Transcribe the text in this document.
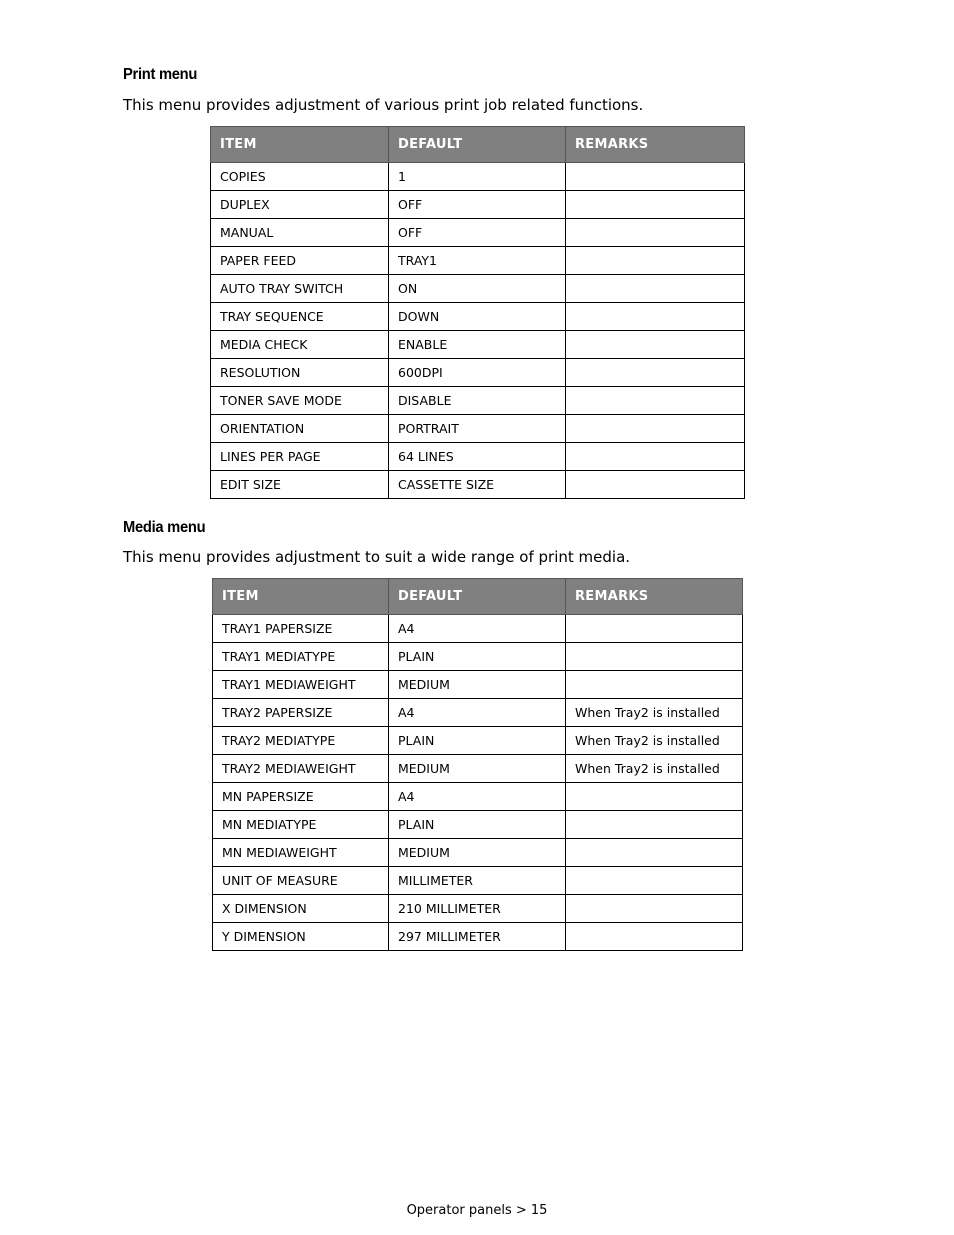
Print menu

This menu provides adjustment of various print job related functions.

ITEM	DEFAULT	REMARKS
COPIES	1	
DUPLEX	OFF	
MANUAL	OFF	
PAPER FEED	TRAY1	
AUTO TRAY SWITCH	ON	
TRAY SEQUENCE	DOWN	
MEDIA CHECK	ENABLE	
RESOLUTION	600DPI	
TONER SAVE MODE	DISABLE	
ORIENTATION	PORTRAIT	
LINES PER PAGE	64 LINES	
EDIT SIZE	CASSETTE SIZE	
Media menu

This menu provides adjustment to suit a wide range of print media.

ITEM	DEFAULT	REMARKS
TRAY1 PAPERSIZE	A4	
TRAY1 MEDIATYPE	PLAIN	
TRAY1 MEDIAWEIGHT	MEDIUM	
TRAY2 PAPERSIZE	A4	When Tray2 is installed
TRAY2 MEDIATYPE	PLAIN	When Tray2 is installed
TRAY2 MEDIAWEIGHT	MEDIUM	When Tray2 is installed
MN PAPERSIZE	A4	
MN MEDIATYPE	PLAIN	
MN MEDIAWEIGHT	MEDIUM	
UNIT OF MEASURE	MILLIMETER	
X DIMENSION	210 MILLIMETER	
Y DIMENSION	297 MILLIMETER	

Operator panels > 15
